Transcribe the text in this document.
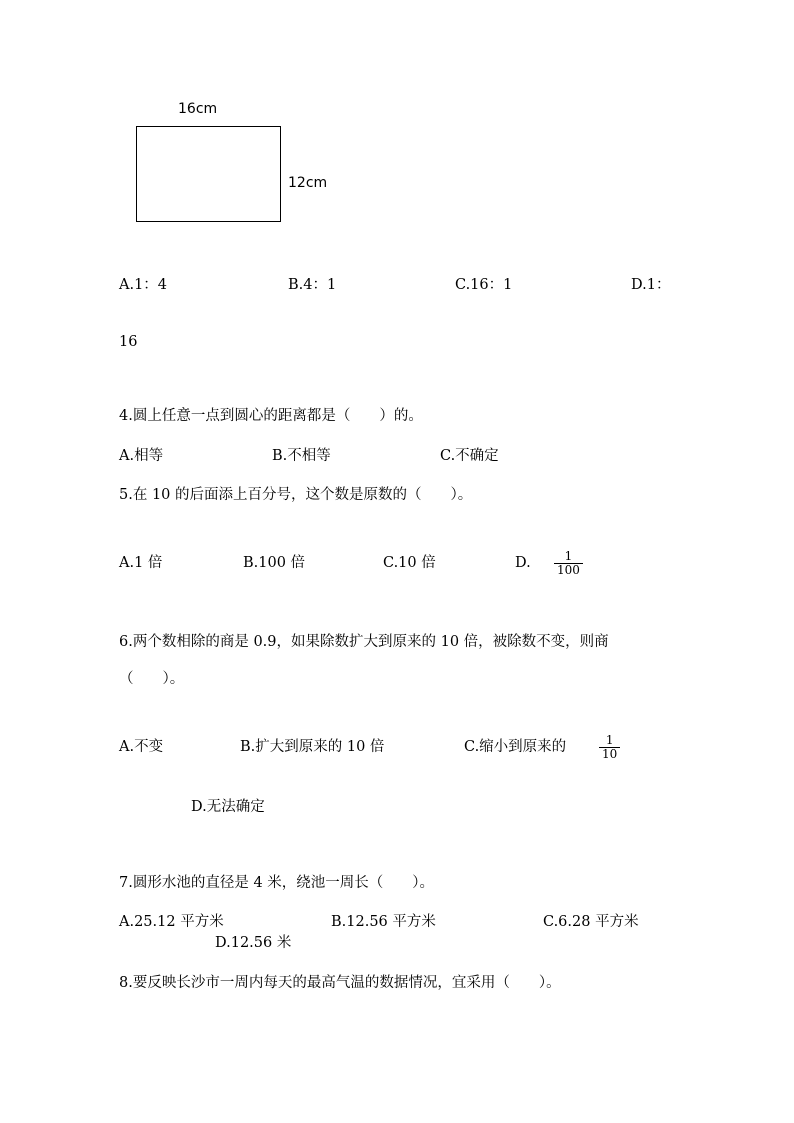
16cm
12cm
A.1：4	B.4：1	C.16：1	D.1：
16
4.圆上任意一点到圆心的距离都是（　　）的。
A.相等	B.不相等	C.不确定
5.在 10 的后面添上百分号，这个数是原数的（　　）。
A.1 倍	B.100 倍	C.10 倍	D. $\frac{1}{100}$
6.两个数相除的商是 0.9，如果除数扩大到原来的 10 倍，被除数不变，则商
（　　）。
A.不变	B.扩大到原来的 10 倍	C.缩小到原来的	$\frac{1}{10}$
D.无法确定
7.圆形水池的直径是 4 米，绕池一周长（　　）。
A.25.12 平方米	B.12.56 平方米	C.6.28 平方米
D.12.56 米
8.要反映长沙市一周内每天的最高气温的数据情况，宜采用（　　）。
